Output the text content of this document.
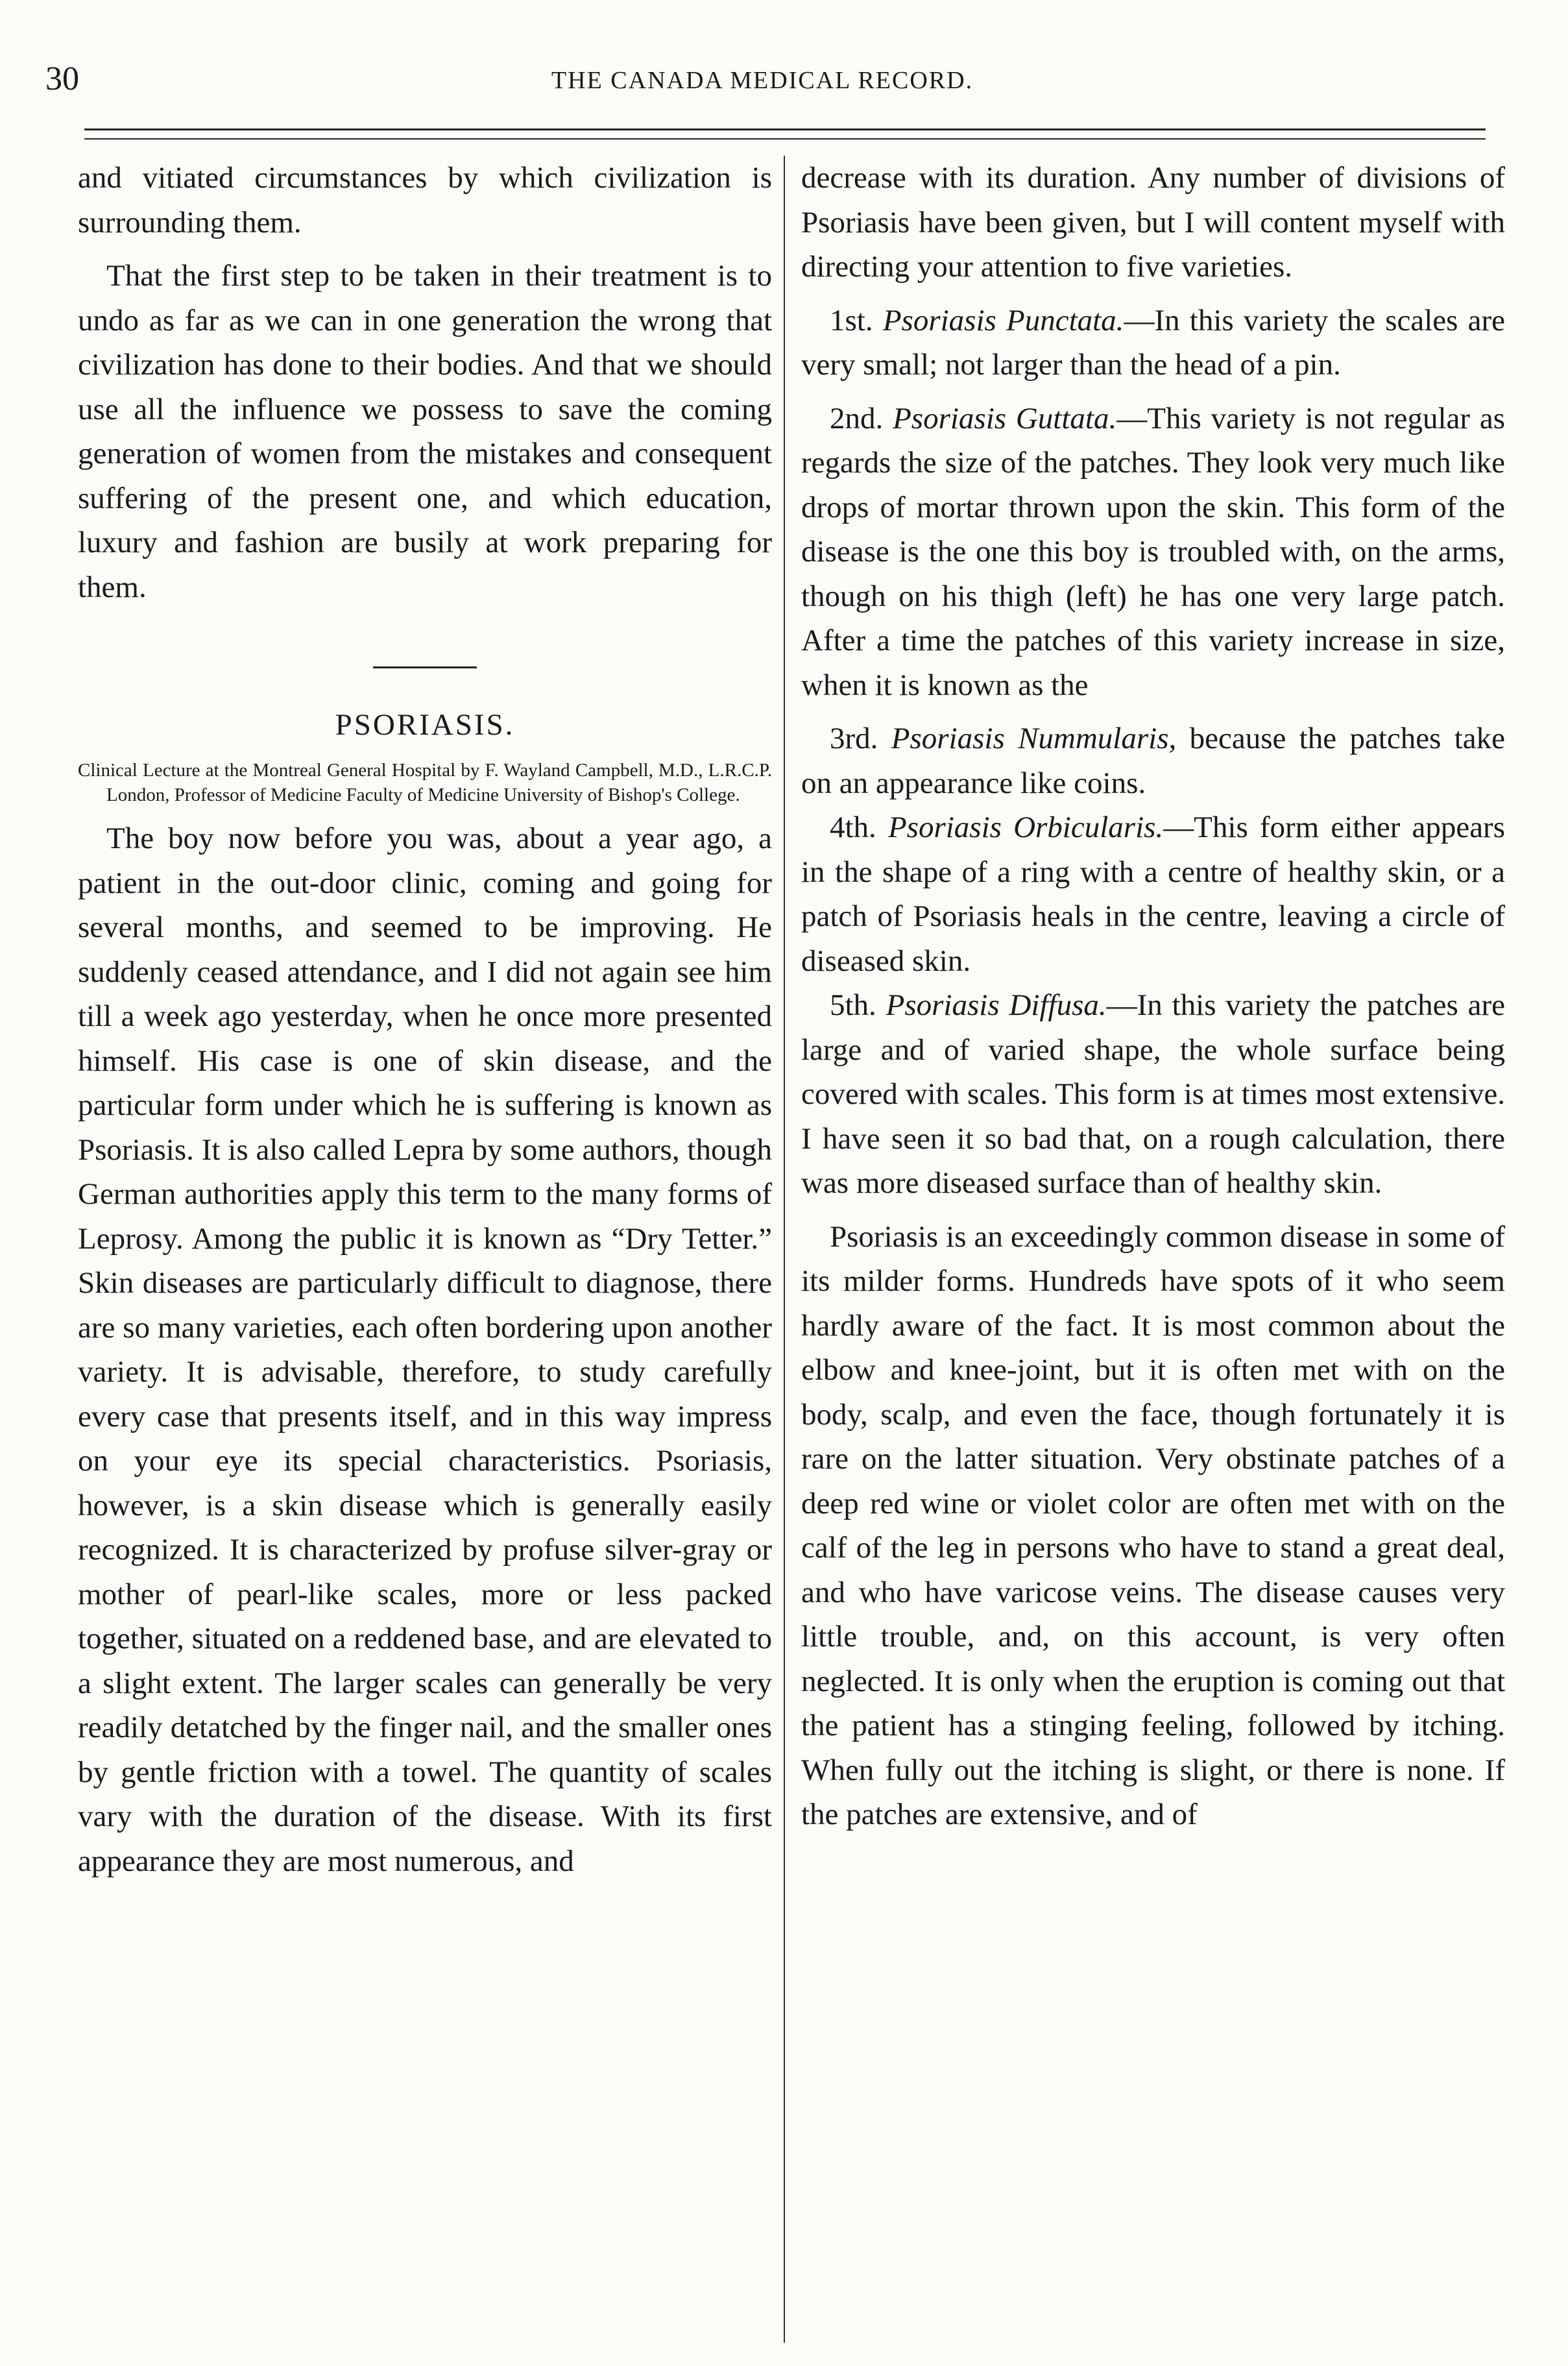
30	THE CANADA MEDICAL RECORD.

and vitiated circumstances by which civilization is surrounding them.

That the first step to be taken in their treatment is to undo as far as we can in one generation the wrong that civilization has done to their bodies. And that we should use all the influence we possess to save the coming generation of women from the mistakes and consequent suffering of the present one, and which education, luxury and fashion are busily at work preparing for them.

PSORIASIS.
Clinical Lecture at the Montreal General Hospital by F. Wayland Campbell, M.D., L.R.C.P. London, Professor of Medicine Faculty of Medicine University of Bishop's College.

The boy now before you was, about a year ago, a patient in the out-door clinic, coming and going for several months, and seemed to be improving. He suddenly ceased attendance, and I did not again see him till a week ago yesterday, when he once more presented himself. His case is one of skin disease, and the particular form under which he is suffering is known as Psoriasis. It is also called Lepra by some authors, though German authorities apply this term to the many forms of Leprosy. Among the public it is known as “Dry Tetter.” Skin diseases are particularly difficult to diagnose, there are so many varieties, each often bordering upon another variety. It is advisable, therefore, to study carefully every case that presents itself, and in this way impress on your eye its special characteristics. Psoriasis, however, is a skin disease which is generally easily recognized. It is characterized by profuse silver-gray or mother of pearl-like scales, more or less packed together, situated on a reddened base, and are elevated to a slight extent. The larger scales can generally be very readily detatched by the finger nail, and the smaller ones by gentle friction with a towel. The quantity of scales vary with the duration of the disease. With its first appearance they are most numerous, and

decrease with its duration. Any number of divisions of Psoriasis have been given, but I will content myself with directing your attention to five varieties.

1st. Psoriasis Punctata.—In this variety the scales are very small; not larger than the head of a pin.

2nd. Psoriasis Guttata.—This variety is not regular as regards the size of the patches. They look very much like drops of mortar thrown upon the skin. This form of the disease is the one this boy is troubled with, on the arms, though on his thigh (left) he has one very large patch. After a time the patches of this variety increase in size, when it is known as the

3rd. Psoriasis Nummularis, because the patches take on an appearance like coins.

4th. Psoriasis Orbicularis.—This form either appears in the shape of a ring with a centre of healthy skin, or a patch of Psoriasis heals in the centre, leaving a circle of diseased skin.

5th. Psoriasis Diffusa.—In this variety the patches are large and of varied shape, the whole surface being covered with scales. This form is at times most extensive. I have seen it so bad that, on a rough calculation, there was more diseased surface than of healthy skin.

Psoriasis is an exceedingly common disease in some of its milder forms. Hundreds have spots of it who seem hardly aware of the fact. It is most common about the elbow and knee-joint, but it is often met with on the body, scalp, and even the face, though fortunately it is rare on the latter situation. Very obstinate patches of a deep red wine or violet color are often met with on the calf of the leg in persons who have to stand a great deal, and who have varicose veins. The disease causes very little trouble, and, on this account, is very often neglected. It is only when the eruption is coming out that the patient has a stinging feeling, followed by itching. When fully out the itching is slight, or there is none. If the patches are extensive, and of
